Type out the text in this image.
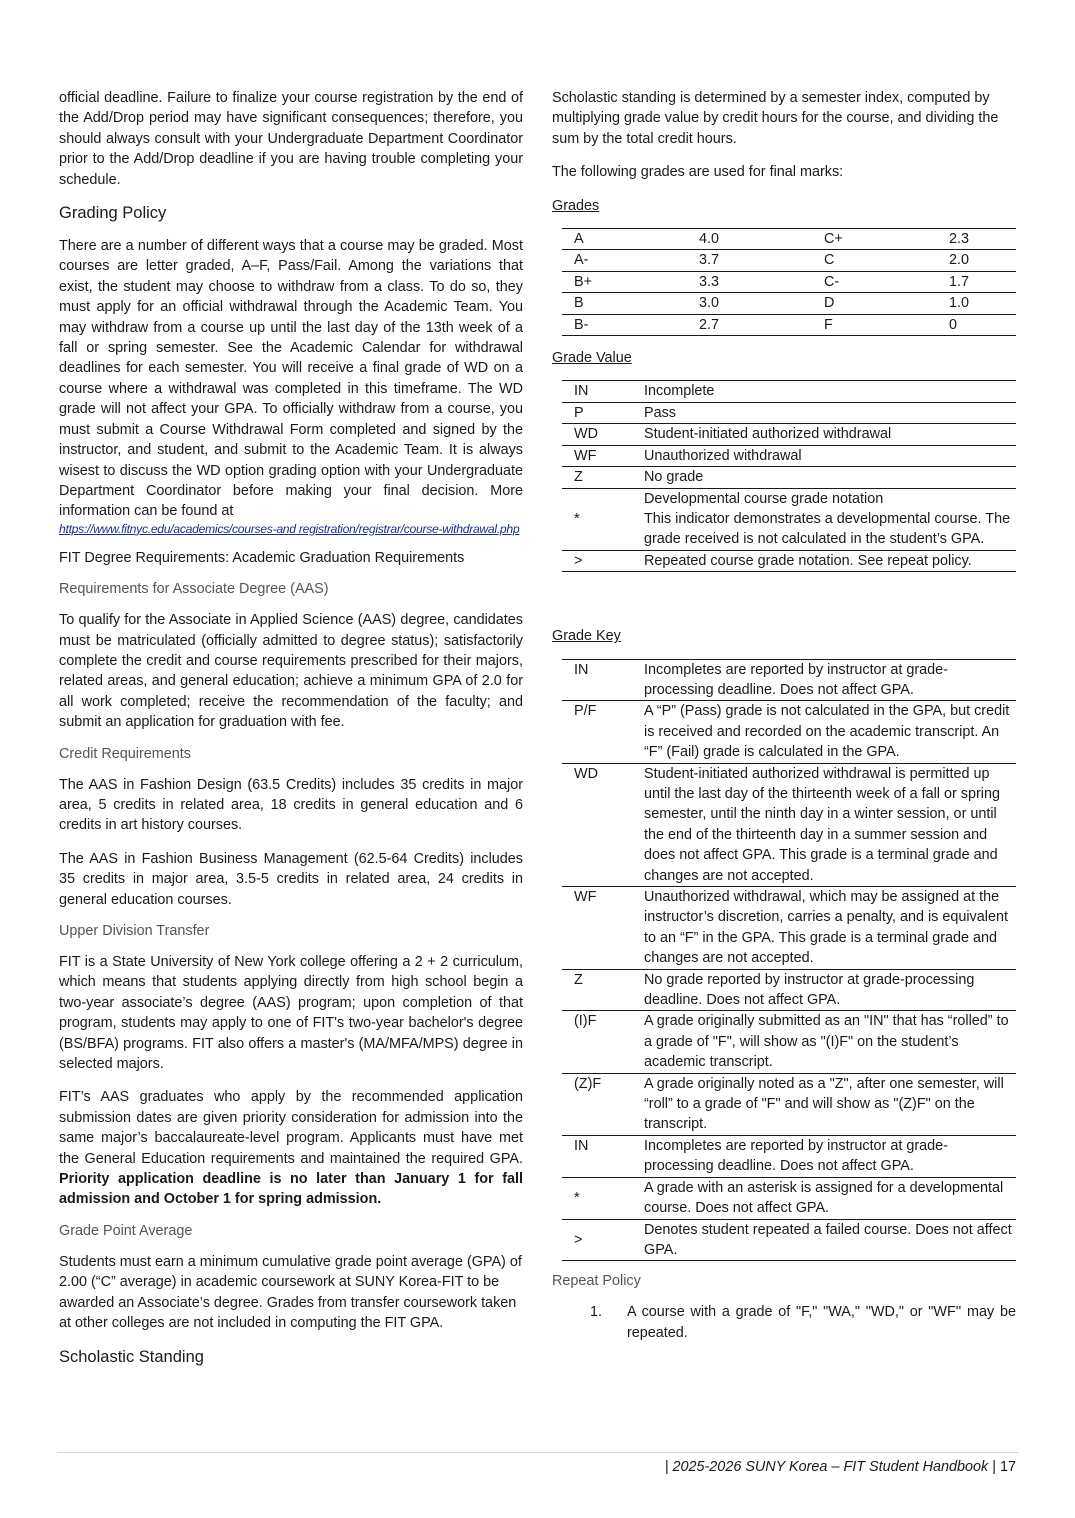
official deadline. Failure to finalize your course registration by the end of the Add/Drop period may have significant consequences; therefore, you should always consult with your Undergraduate Department Coordinator prior to the Add/Drop deadline if you are having trouble completing your schedule.

Grading Policy

There are a number of different ways that a course may be graded. Most courses are letter graded, A–F, Pass/Fail. Among the variations that exist, the student may choose to withdraw from a class. To do so, they must apply for an official withdrawal through the Academic Team. You may withdraw from a course up until the last day of the 13th week of a fall or spring semester. See the Academic Calendar for withdrawal deadlines for each semester. You will receive a final grade of WD on a course where a withdrawal was completed in this timeframe. The WD grade will not affect your GPA. To officially withdraw from a course, you must submit a Course Withdrawal Form completed and signed by the instructor, and student, and submit to the Academic Team. It is always wisest to discuss the WD option grading option with your Undergraduate Department Coordinator before making your final decision. More information can be found at

https://www.fitnyc.edu/academics/courses-and registration/registrar/course-withdrawal.php

FIT Degree Requirements: Academic Graduation Requirements

Requirements for Associate Degree (AAS)

To qualify for the Associate in Applied Science (AAS) degree, candidates must be matriculated (officially admitted to degree status); satisfactorily complete the credit and course requirements prescribed for their majors, related areas, and general education; achieve a minimum GPA of 2.0 for all work completed; receive the recommendation of the faculty; and submit an application for graduation with fee.

Credit Requirements

The AAS in Fashion Design (63.5 Credits) includes 35 credits in major area, 5 credits in related area, 18 credits in general education and 6 credits in art history courses.

The AAS in Fashion Business Management (62.5-64 Credits) includes 35 credits in major area, 3.5-5 credits in related area, 24 credits in general education courses.

Upper Division Transfer

FIT is a State University of New York college offering a 2 + 2 curriculum, which means that students applying directly from high school begin a two-year associate’s degree (AAS) program; upon completion of that program, students may apply to one of FIT's two-year bachelor's degree (BS/BFA) programs. FIT also offers a master's (MA/MFA/MPS) degree in selected majors.

FIT’s AAS graduates who apply by the recommended application submission dates are given priority consideration for admission into the same major’s baccalaureate-level program. Applicants must have met the General Education requirements and maintained the required GPA. Priority application deadline is no later than January 1 for fall admission and October 1 for spring admission.

Grade Point Average

Students must earn a minimum cumulative grade point average (GPA) of 2.00 (“C” average) in academic coursework at SUNY Korea-FIT to be awarded an Associate’s degree. Grades from transfer coursework taken at other colleges are not included in computing the FIT GPA.

Scholastic Standing

Scholastic standing is determined by a semester index, computed by multiplying grade value by credit hours for the course, and dividing the sum by the total credit hours.

The following grades are used for final marks:

Grades
A	4.0	C+	2.3
A-	3.7	C	2.0
B+	3.3	C-	1.7
B	3.0	D	1.0
B-	2.7	F	0
Grade Value
IN	Incomplete
P	Pass
WD	Student-initiated authorized withdrawal
WF	Unauthorized withdrawal
Z	No grade
*	Developmental course grade notation
This indicator demonstrates a developmental course. The grade received is not calculated in the student’s GPA.
>	Repeated course grade notation. See repeat policy.
Grade Key
IN	Incompletes are reported by instructor at grade-processing deadline. Does not affect GPA.
P/F	A “P” (Pass) grade is not calculated in the GPA, but credit is received and recorded on the academic transcript. An “F” (Fail) grade is calculated in the GPA.
WD	Student-initiated authorized withdrawal is permitted up until the last day of the thirteenth week of a fall or spring semester, until the ninth day in a winter session, or until the end of the thirteenth day in a summer session and does not affect GPA. This grade is a terminal grade and changes are not accepted.
WF	Unauthorized withdrawal, which may be assigned at the instructor’s discretion, carries a penalty, and is equivalent to an “F” in the GPA. This grade is a terminal grade and changes are not accepted.
Z	No grade reported by instructor at grade-processing deadline. Does not affect GPA.
(I)F	A grade originally submitted as an "IN" that has “rolled” to a grade of "F", will show as "(I)F" on the student’s academic transcript.
(Z)F	A grade originally noted as a "Z", after one semester, will “roll” to a grade of "F" and will show as "(Z)F" on the transcript.
IN	Incompletes are reported by instructor at grade-processing deadline. Does not affect GPA.
*	A grade with an asterisk is assigned for a developmental course. Does not affect GPA.
>	Denotes student repeated a failed course. Does not affect GPA.
Repeat Policy
1. A course with a grade of "F," "WA," "WD," or "WF'' may be repeated.
| 2025-2026 SUNY Korea – FIT Student Handbook | 17
